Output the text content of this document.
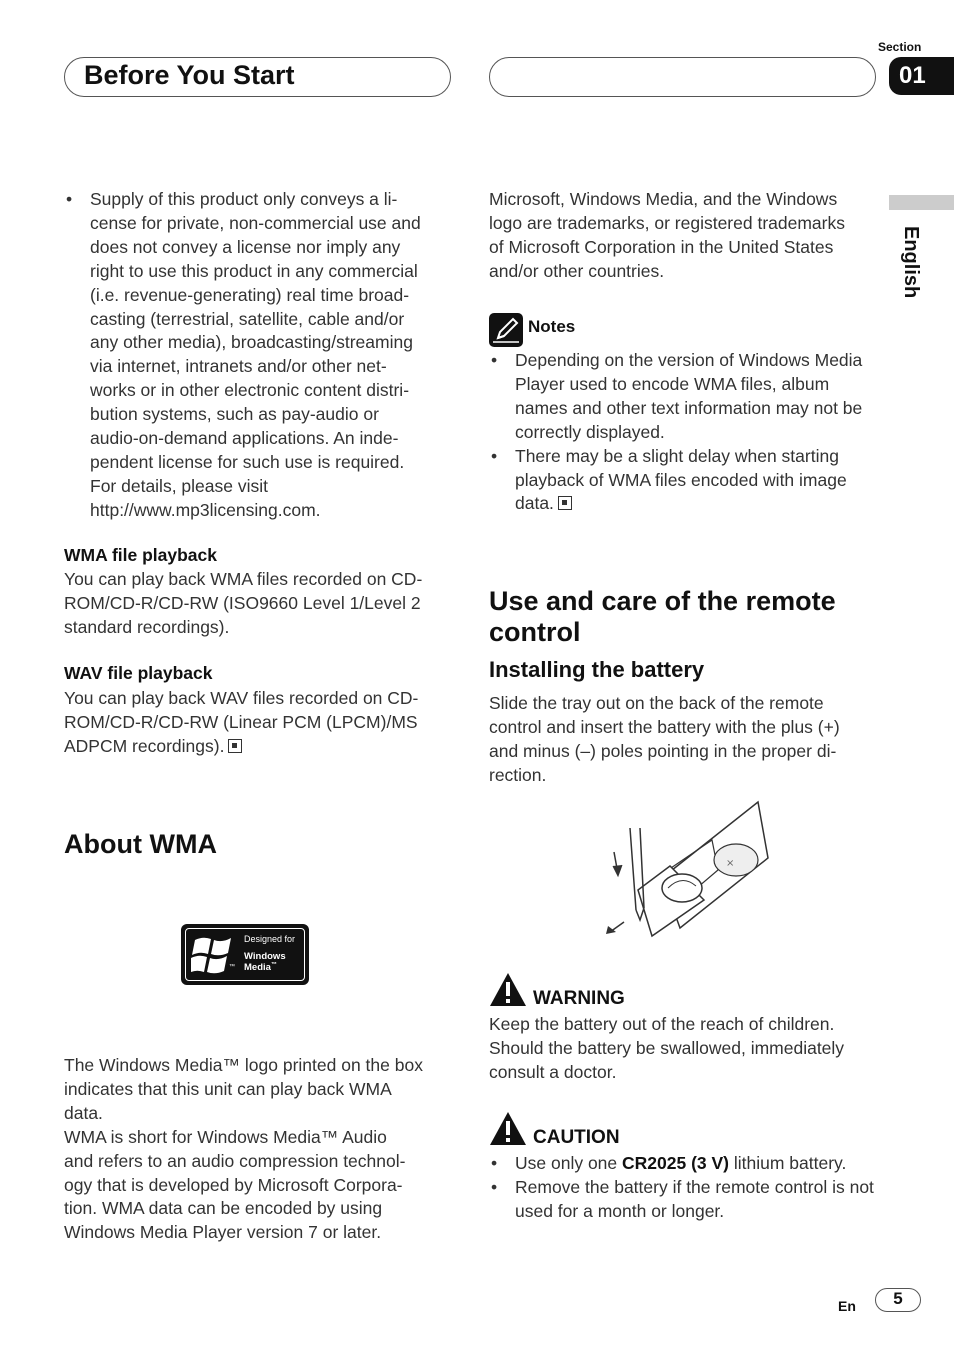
Before You Start
Section
01
English
• Supply of this product only conveys a li-
cense for private, non-commercial use and
does not convey a license nor imply any
right to use this product in any commercial
(i.e. revenue-generating) real time broad-
casting (terrestrial, satellite, cable and/or
any other media), broadcasting/streaming
via internet, intranets and/or other net-
works or in other electronic content distri-
bution systems, such as pay-audio or
audio-on-demand applications. An inde-
pendent license for such use is required.
For details, please visit
http://www.mp3licensing.com.
WMA file playback
You can play back WMA files recorded on CD-
ROM/CD-R/CD-RW (ISO9660 Level 1/Level 2
standard recordings).
WAV file playback
You can play back WAV files recorded on CD-
ROM/CD-R/CD-RW (Linear PCM (LPCM)/MS
ADPCM recordings).
About WMA
™
Designed for
Windows
Media™
The Windows Media™ logo printed on the box
indicates that this unit can play back WMA
data.
WMA is short for Windows Media™ Audio
and refers to an audio compression technol-
ogy that is developed by Microsoft Corpora-
tion. WMA data can be encoded by using
Windows Media Player version 7 or later.
Microsoft, Windows Media, and the Windows
logo are trademarks, or registered trademarks
of Microsoft Corporation in the United States
and/or other countries.
Notes
• Depending on the version of Windows Media
Player used to encode WMA files, album
names and other text information may not be
correctly displayed.
• There may be a slight delay when starting
playback of WMA files encoded with image
data.
Use and care of the remote
control
Installing the battery
Slide the tray out on the back of the remote
control and insert the battery with the plus (+)
and minus (–) poles pointing in the proper di-
rection.
×
WARNING
Keep the battery out of the reach of children.
Should the battery be swallowed, immediately
consult a doctor.
CAUTION
• Use only one CR2025 (3 V) lithium battery.
• Remove the battery if the remote control is not
used for a month or longer.
En	5
